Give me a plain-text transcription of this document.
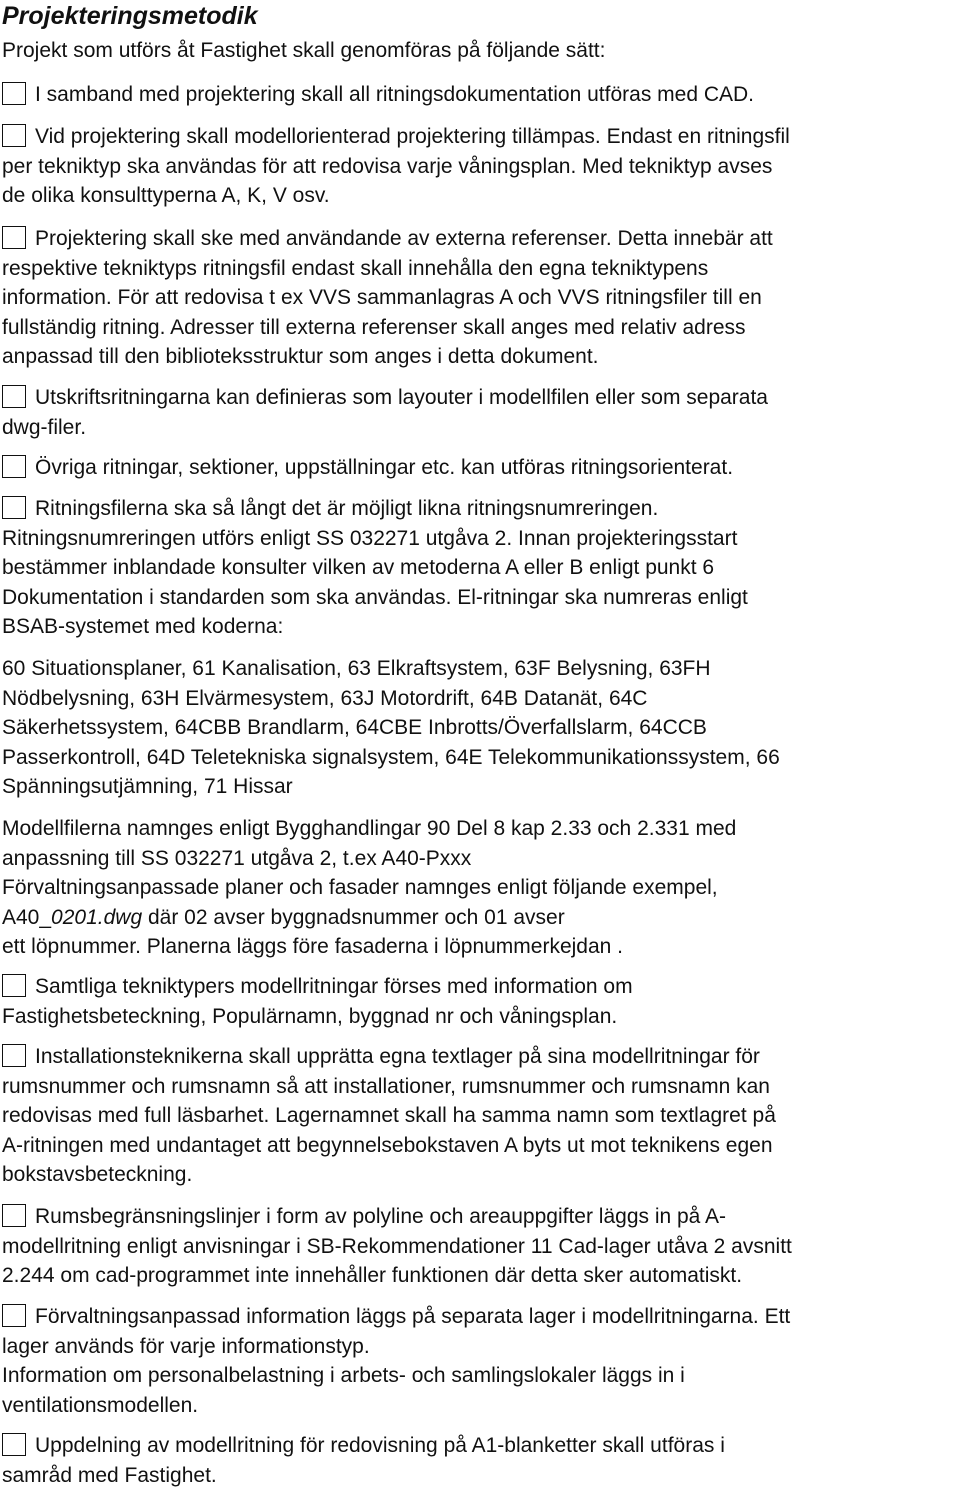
Projekteringsmetodik

Projekt som utförs åt Fastighet skall genomföras på följande sätt:

I samband med projektering skall all ritningsdokumentation utföras med CAD.

Vid projektering skall modellorienterad projektering tillämpas. Endast en ritningsfil
per tekniktyp ska användas för att redovisa varje våningsplan. Med tekniktyp avses
de olika konsulttyperna A, K, V osv.

Projektering skall ske med användande av externa referenser. Detta innebär att
respektive tekniktyps ritningsfil endast skall innehålla den egna tekniktypens
information. För att redovisa t ex VVS sammanlagras A och VVS ritningsfiler till en
fullständig ritning. Adresser till externa referenser skall anges med relativ adress
anpassad till den biblioteksstruktur som anges i detta dokument.

Utskriftsritningarna kan definieras som layouter i modellfilen eller som separata
dwg-filer.

Övriga ritningar, sektioner, uppställningar etc. kan utföras ritningsorienterat.

Ritningsfilerna ska så långt det är möjligt likna ritningsnumreringen.
Ritningsnumreringen utförs enligt SS 032271 utgåva 2. Innan projekteringsstart
bestämmer inblandade konsulter vilken av metoderna A eller B enligt punkt 6
Dokumentation i standarden som ska användas. El-ritningar ska numreras enligt
BSAB-systemet med koderna:

60 Situationsplaner, 61 Kanalisation, 63 Elkraftsystem, 63F Belysning, 63FH
Nödbelysning, 63H Elvärmesystem, 63J Motordrift, 64B Datanät, 64C
Säkerhetssystem, 64CBB Brandlarm, 64CBE Inbrotts/Överfallslarm, 64CCB
Passerkontroll, 64D Teletekniska signalsystem, 64E Telekommunikationssystem, 66
Spänningsutjämning, 71 Hissar

Modellfilerna namnges enligt Bygghandlingar 90 Del 8 kap 2.33 och 2.331 med
anpassning till SS 032271 utgåva 2, t.ex A40-Pxxx
Förvaltningsanpassade planer och fasader namnges enligt följande exempel,
A40_0201.dwg där 02 avser byggnadsnummer och 01 avser
ett löpnummer. Planerna läggs före fasaderna i löpnummerkejdan .

Samtliga tekniktypers modellritningar förses med information om
Fastighetsbeteckning, Populärnamn, byggnad nr och våningsplan.

Installationsteknikerna skall upprätta egna textlager på sina modellritningar för
rumsnummer och rumsnamn så att installationer, rumsnummer och rumsnamn kan
redovisas med full läsbarhet. Lagernamnet skall ha samma namn som textlagret på
A-ritningen med undantaget att begynnelsebokstaven A byts ut mot teknikens egen
bokstavsbeteckning.

Rumsbegränsningslinjer i form av polyline och areauppgifter läggs in på A-
modellritning enligt anvisningar i SB-Rekommendationer 11 Cad-lager utåva 2 avsnitt
2.244 om cad-programmet inte innehåller funktionen där detta sker automatiskt.

Förvaltningsanpassad information läggs på separata lager i modellritningarna. Ett
lager används för varje informationstyp.
Information om personalbelastning i arbets- och samlingslokaler läggs in i
ventilationsmodellen.

Uppdelning av modellritning för redovisning på A1-blanketter skall utföras i
samråd med Fastighet.
